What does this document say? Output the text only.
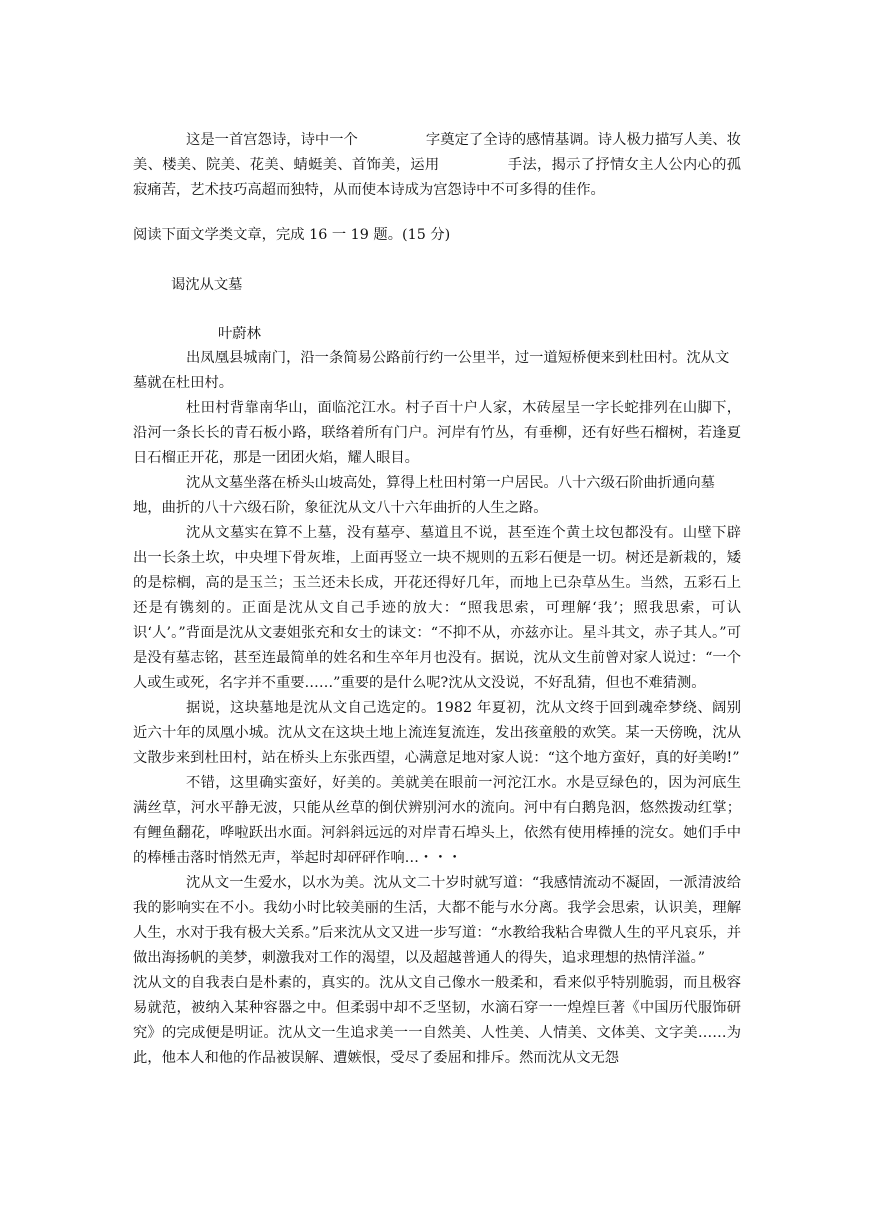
这是一首宫怨诗，诗中一个	字奠定了全诗的感情基调。诗人极力描写人美、妆美、楼美、院美、花美、蜻蜓美、首饰美，运用	手法，揭示了抒情女主人公内心的孤寂痛苦，艺术技巧高超而独特，从而使本诗成为宫怨诗中不可多得的佳作。

阅读下面文学类文章，完成 16 一 19 题。(15 分)
谒沈从文墓
叶蔚林

出凤凰县城南门，沿一条简易公路前行约一公里半，过一道短桥便来到杜田村。沈从文

墓就在杜田村。

杜田村背靠南华山，面临沱江水。村子百十户人家，木砖屋呈一字长蛇排列在山脚下，沿河一条长长的青石板小路，联络着所有门户。河岸有竹丛，有垂柳，还有好些石榴树，若逢夏日石榴正开花，那是一团团火焰，耀人眼目。

沈从文墓坐落在桥头山坡高处，算得上杜田村第一户居民。八十六级石阶曲折通向墓

地，曲折的八十六级石阶，象征沈从文八十六年曲折的人生之路。

沈从文墓实在算不上墓，没有墓亭、墓道且不说，甚至连个黄土坟包都没有。山壁下辟出一长条土坎，中央埋下骨灰堆，上面再竖立一块不规则的五彩石便是一切。树还是新栽的，矮的是棕榈，高的是玉兰；玉兰还未长成，开花还得好几年，而地上已杂草丛生。当然，五彩石上还是有镌刻的。正面是沈从文自己手迹的放大：“照我思索，可理解‘我’；照我思索，可认识‘人’。”背面是沈从文妻姐张充和女士的诔文：“不抑不从，亦兹亦让。星斗其文，赤子其人。”可是没有墓志铭，甚至连最简单的姓名和生卒年月也没有。据说，沈从文生前曾对家人说过：“一个人或生或死，名字并不重要……”重要的是什么呢?沈从文没说，不好乱猜，但也不难猜测。

据说，这块墓地是沈从文自己选定的。1982 年夏初，沈从文终于回到魂牵梦绕、阔别近六十年的凤凰小城。沈从文在这块土地上流连复流连，发出孩童般的欢笑。某一天傍晚，沈从文散步来到杜田村，站在桥头上东张西望，心满意足地对家人说：“这个地方蛮好，真的好美哟!”

不错，这里确实蛮好，好美的。美就美在眼前一河沱江水。水是豆绿色的，因为河底生满丝草，河水平静无波，只能从丝草的倒伏辨别河水的流向。河中有白鹅凫泅，悠然拨动红掌；有鲤鱼翻花，哗啦跃出水面。河斜斜远远的对岸青石埠头上，依然有使用棒捶的浣女。她们手中的棒棰击落时悄然无声，举起时却砰砰作响…・・・

沈从文一生爱水，以水为美。沈从文二十岁时就写道：“我感情流动不凝固，一派清波给我的影响实在不小。我幼小时比较美丽的生活，大都不能与水分离。我学会思索，认识美，理解人生，水对于我有极大关系。”后来沈从文又进一步写道：“水教给我粘合卑微人生的平凡哀乐，并做出海扬帆的美梦，刺激我对工作的渴望，以及超越普通人的得失，追求理想的热情洋溢。”

沈从文的自我表白是朴素的，真实的。沈从文自己像水一般柔和，看来似乎特别脆弱，而且极容易就范，被纳入某种容器之中。但柔弱中却不乏坚韧，水滴石穿一一煌煌巨著《中国历代服饰研究》的完成便是明证。沈从文一生追求美一一自然美、人性美、人情美、文体美、文字美……为此，他本人和他的作品被误解、遭嫉恨，受尽了委屈和排斥。然而沈从文无怨
